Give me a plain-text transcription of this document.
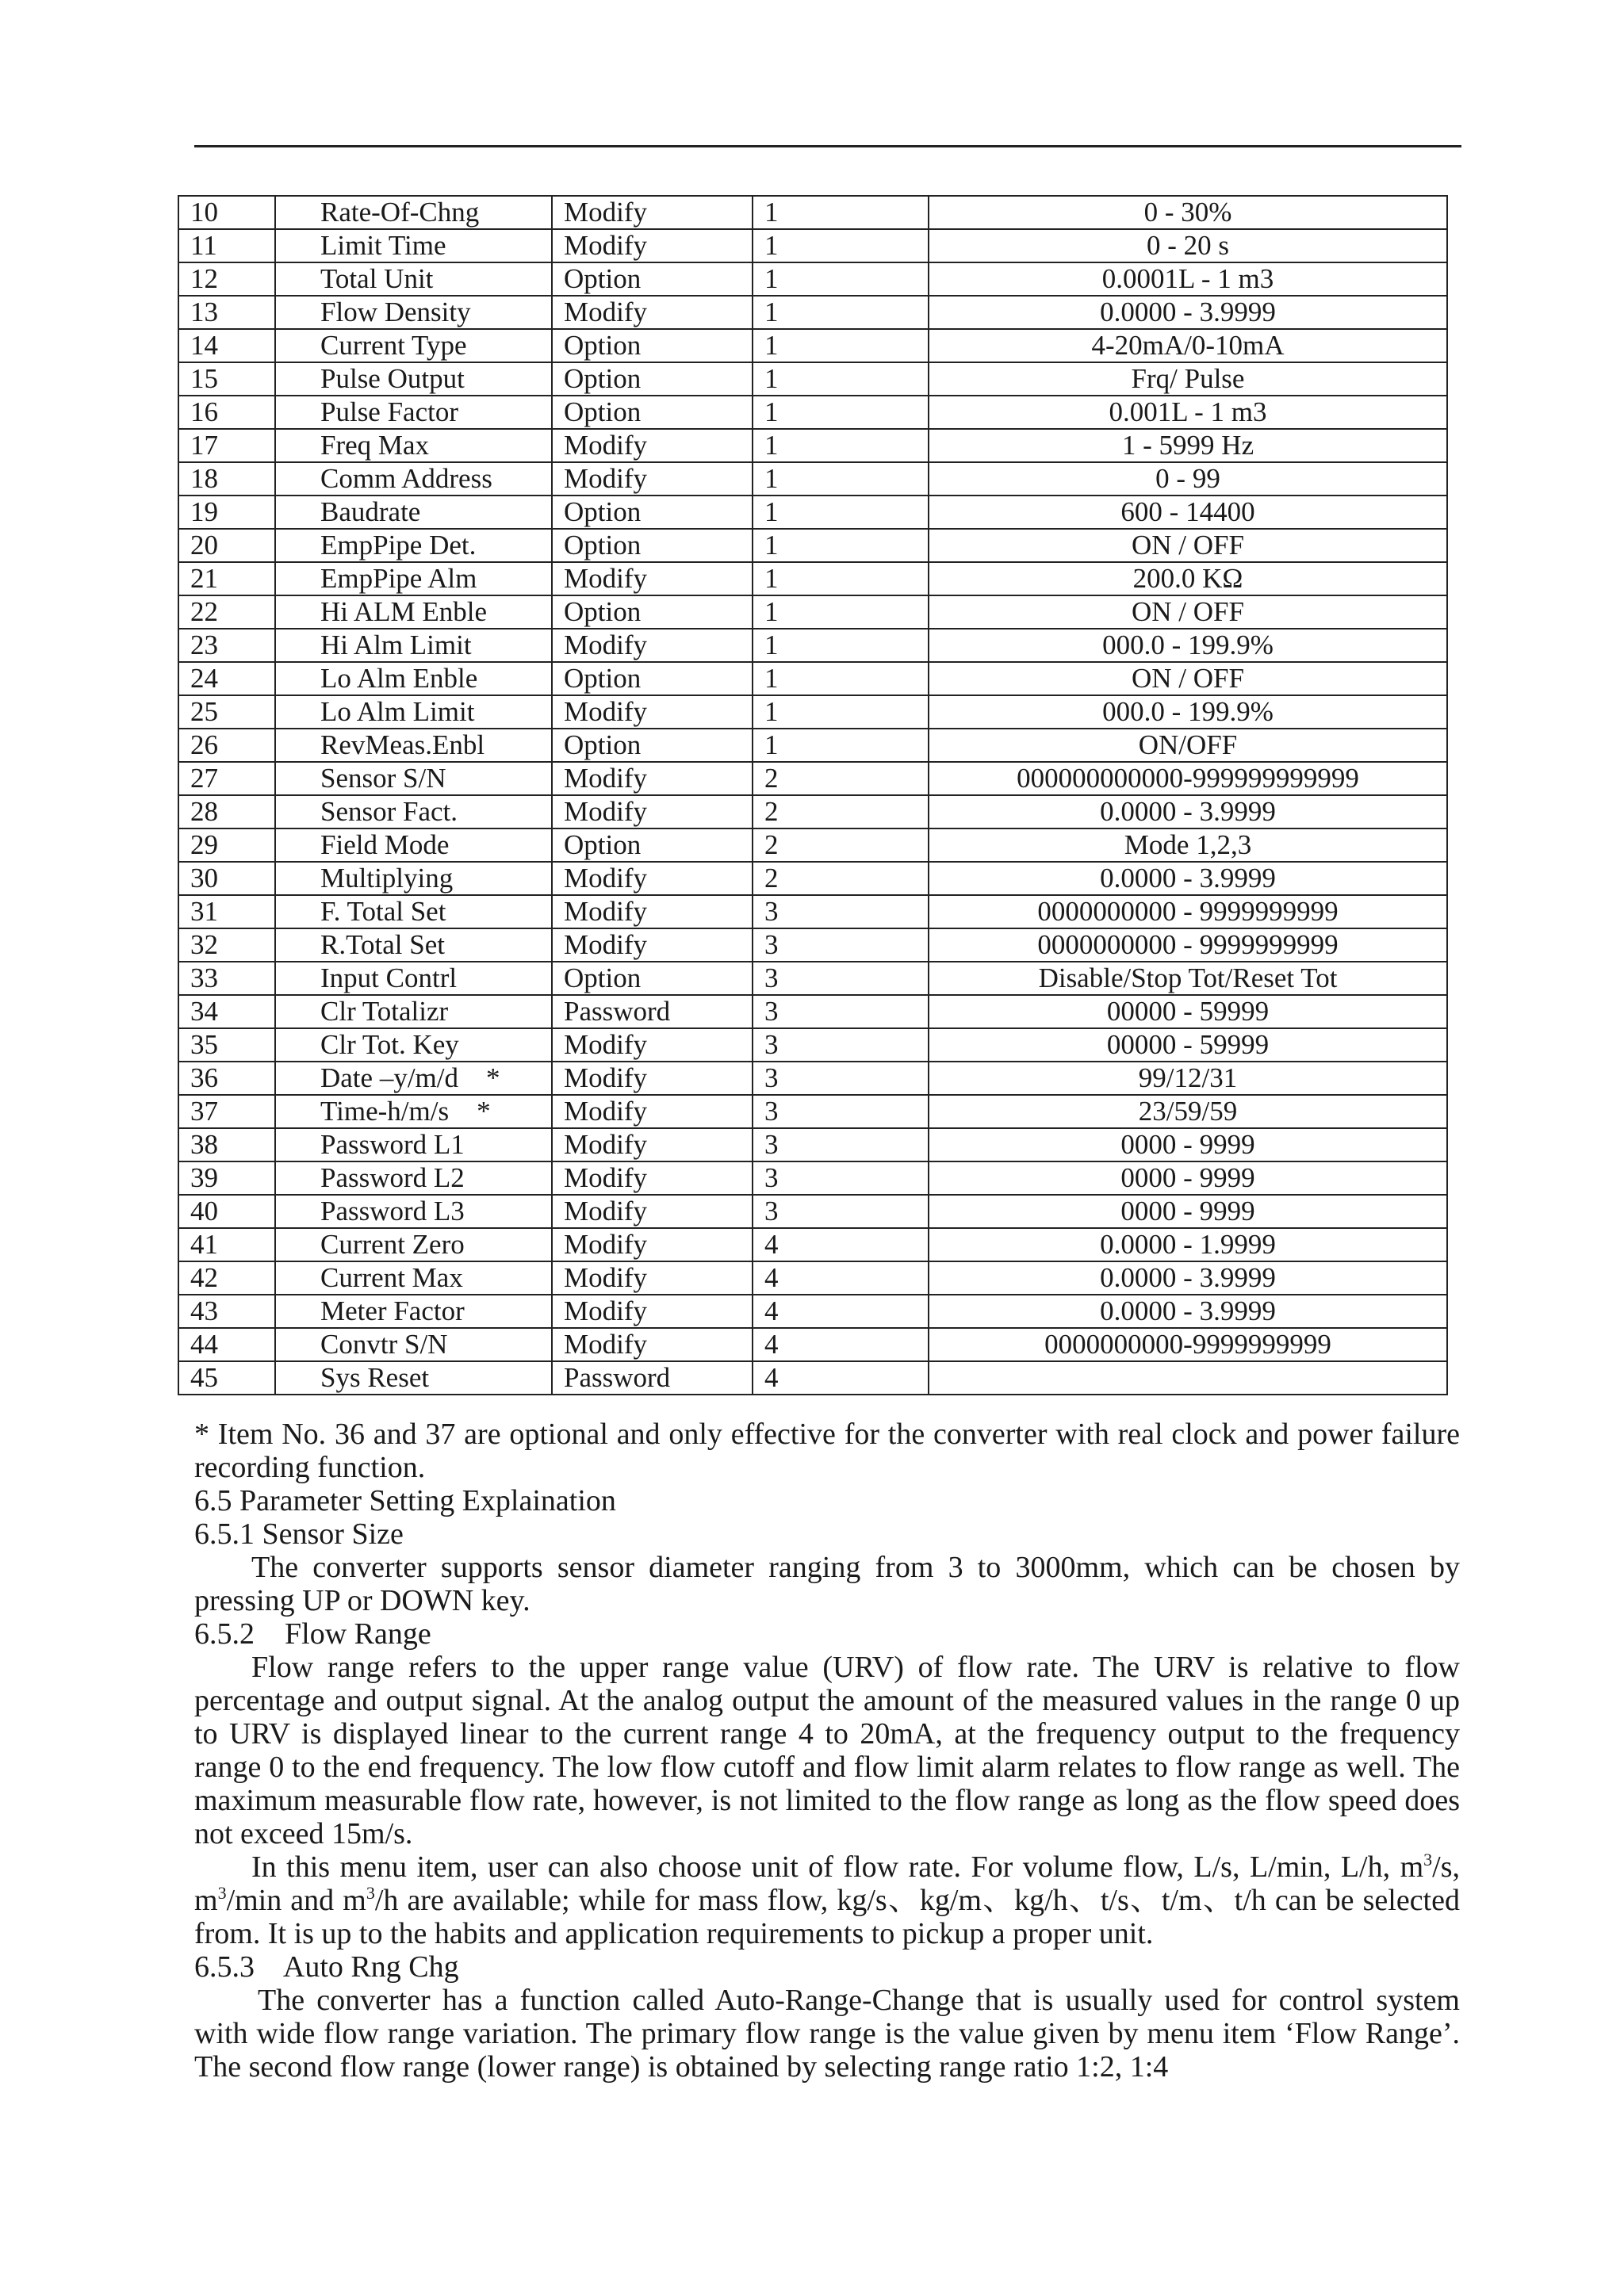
10	Rate-Of-Chng	Modify	1	0 - 30%
11	Limit Time	Modify	1	0 - 20 s
12	Total Unit	Option	1	0.0001L - 1 m3
13	Flow Density	Modify	1	0.0000 - 3.9999
14	Current Type	Option	1	4-20mA/0-10mA
15	Pulse Output	Option	1	Frq/ Pulse
16	Pulse Factor	Option	1	0.001L - 1 m3
17	Freq Max	Modify	1	1 - 5999 Hz
18	Comm Address	Modify	1	0 - 99
19	Baudrate	Option	1	600 - 14400
20	EmpPipe Det.	Option	1	ON / OFF
21	EmpPipe Alm	Modify	1	200.0 KΩ
22	Hi ALM Enble	Option	1	ON / OFF
23	Hi Alm Limit	Modify	1	000.0 - 199.9%
24	Lo Alm Enble	Option	1	ON / OFF
25	Lo Alm Limit	Modify	1	000.0 - 199.9%
26	RevMeas.Enbl	Option	1	ON/OFF
27	Sensor S/N	Modify	2	000000000000-999999999999
28	Sensor Fact.	Modify	2	0.0000 - 3.9999
29	Field Mode	Option	2	Mode 1,2,3
30	Multiplying	Modify	2	0.0000 - 3.9999
31	F. Total Set	Modify	3	0000000000 - 9999999999
32	R.Total Set	Modify	3	0000000000 - 9999999999
33	Input Contrl	Option	3	Disable/Stop Tot/Reset Tot
34	Clr Totalizr	Password	3	00000 - 59999
35	Clr Tot. Key	Modify	3	00000 - 59999
36	Date –y/m/d    *	Modify	3	99/12/31
37	Time-h/m/s    *	Modify	3	23/59/59
38	Password L1	Modify	3	0000 - 9999
39	Password L2	Modify	3	0000 - 9999
40	Password L3	Modify	3	0000 - 9999
41	Current Zero	Modify	4	0.0000 - 1.9999
42	Current Max	Modify	4	0.0000 - 3.9999
43	Meter Factor	Modify	4	0.0000 - 3.9999
44	Convtr S/N	Modify	4	0000000000-9999999999
45	Sys Reset	Password	4	

* Item No. 36 and 37 are optional and only effective for the converter with real clock and power failure recording function.

6.5 Parameter Setting Explaination

6.5.1 Sensor Size

The converter supports sensor diameter ranging from 3 to 3000mm, which can be chosen by pressing UP or DOWN key.

6.5.2    Flow Range

Flow range refers to the upper range value (URV) of flow rate. The URV is relative to flow percentage and output signal. At the analog output the amount of the measured values in the range 0 up to URV is displayed linear to the current range 4 to 20mA, at the frequency output to the frequency range 0 to the end frequency. The low flow cutoff and flow limit alarm relates to flow range as well. The maximum measurable flow rate, however, is not limited to the flow range as long as the flow speed does not exceed 15m/s.

In this menu item, user can also choose unit of flow rate. For volume flow, L/s, L/min, L/h, $m^3/s$, $m^3/\min$ and $m^3/h$ are available; while for mass flow, kg/s、kg/m、kg/h、t/s、t/m、t/h can be selected from. It is up to the habits and application requirements to pickup a proper unit.

6.5.3    Auto Rng Chg

The converter has a function called Auto-Range-Change that is usually used for control system with wide flow range variation. The primary flow range is the value given by menu item ‘Flow Range’. The second flow range (lower range) is obtained by selecting range ratio 1:2, 1:4
